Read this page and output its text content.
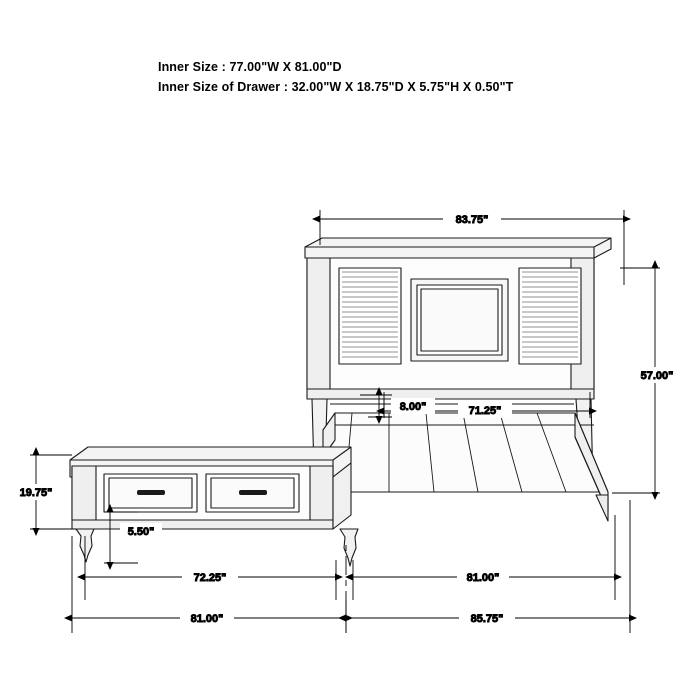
Inner Size : 77.00"W X 81.00"D
Inner Size of Drawer : 32.00"W X 18.75"D X 5.75"H X 0.50"T
83.75"
57.00"
71.25"
8.00"
19.75"
5.50"
72.25"	81.00"
81.00"	85.75"
